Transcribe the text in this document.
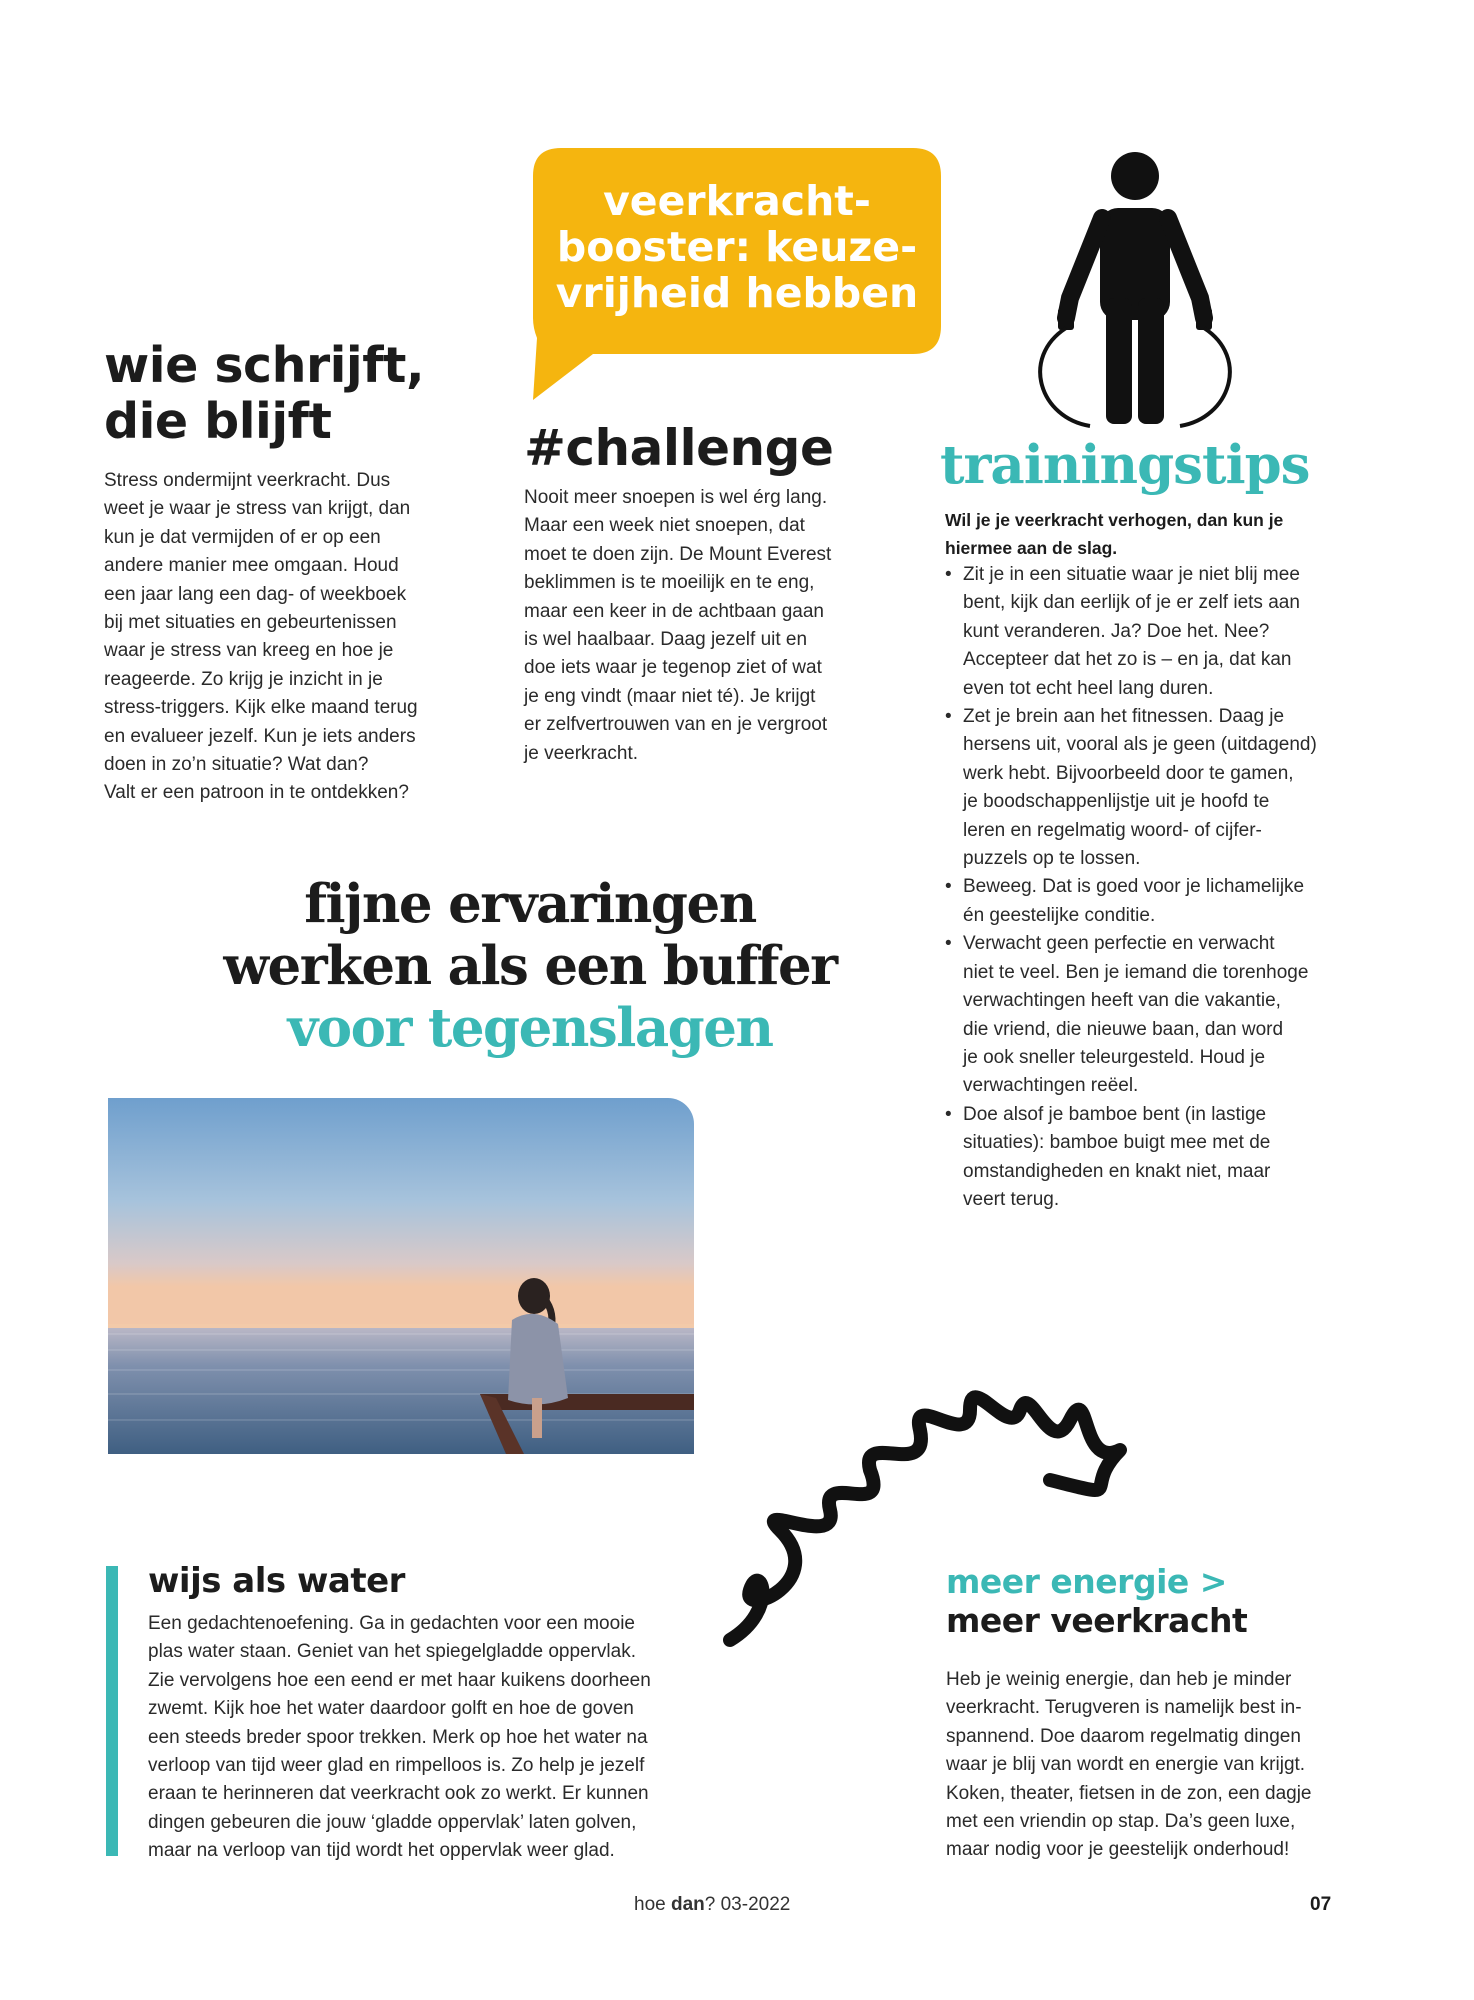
veerkracht-
booster: keuze-
vrijheid hebben
wie schrijft,
die blijft
Stress ondermijnt veerkracht. Dus
weet je waar je stress van krijgt, dan
kun je dat vermijden of er op een
andere manier mee omgaan. Houd
een jaar lang een dag- of weekboek
bij met situaties en gebeurtenissen
waar je stress van kreeg en hoe je
reageerde. Zo krijg je inzicht in je
stress-triggers. Kijk elke maand terug
en evalueer jezelf. Kun je iets anders
doen in zo’n situatie? Wat dan?
Valt er een patroon in te ontdekken?
#challenge
Nooit meer snoepen is wel érg lang.
Maar een week niet snoepen, dat
moet te doen zijn. De Mount Everest
beklimmen is te moeilijk en te eng,
maar een keer in de achtbaan gaan
is wel haalbaar. Daag jezelf uit en
doe iets waar je tegenop ziet of wat
je eng vindt (maar niet té). Je krijgt
er zelfvertrouwen van en je vergroot
je veerkracht.
trainingstips
Wil je je veerkracht verhogen, dan kun je
hiermee aan de slag.
• Zit je in een situatie waar je niet blij mee
bent, kijk dan eerlijk of je er zelf iets aan
kunt veranderen. Ja? Doe het. Nee?
Accepteer dat het zo is – en ja, dat kan
even tot echt heel lang duren.
• Zet je brein aan het fitnessen. Daag je
hersens uit, vooral als je geen (uitdagend)
werk hebt. Bijvoorbeeld door te gamen,
je boodschappenlijstje uit je hoofd te
leren en regelmatig woord- of cijfer-
puzzels op te lossen.
• Beweeg. Dat is goed voor je lichamelijke
én geestelijke conditie.
• Verwacht geen perfectie en verwacht
niet te veel. Ben je iemand die torenhoge
verwachtingen heeft van die vakantie,
die vriend, die nieuwe baan, dan word
je ook sneller teleurgesteld. Houd je
verwachtingen reëel.
• Doe alsof je bamboe bent (in lastige
situaties): bamboe buigt mee met de
omstandigheden en knakt niet, maar
veert terug.
fijne ervaringen
werken als een buffer
voor tegenslagen
wijs als water
Een gedachtenoefening. Ga in gedachten voor een mooie
plas water staan. Geniet van het spiegelgladde oppervlak.
Zie vervolgens hoe een eend er met haar kuikens doorheen
zwemt. Kijk hoe het water daardoor golft en hoe de goven
een steeds breder spoor trekken. Merk op hoe het water na
verloop van tijd weer glad en rimpelloos is. Zo help je jezelf
eraan te herinneren dat veerkracht ook zo werkt. Er kunnen
dingen gebeuren die jouw ‘gladde oppervlak’ laten golven,
maar na verloop van tijd wordt het oppervlak weer glad.
meer energie >
meer veerkracht
Heb je weinig energie, dan heb je minder
veerkracht. Terugveren is namelijk best in-
spannend. Doe daarom regelmatig dingen
waar je blij van wordt en energie van krijgt.
Koken, theater, fietsen in de zon, een dagje
met een vriendin op stap. Da’s geen luxe,
maar nodig voor je geestelijk onderhoud!
hoe dan? 03-2022	07
